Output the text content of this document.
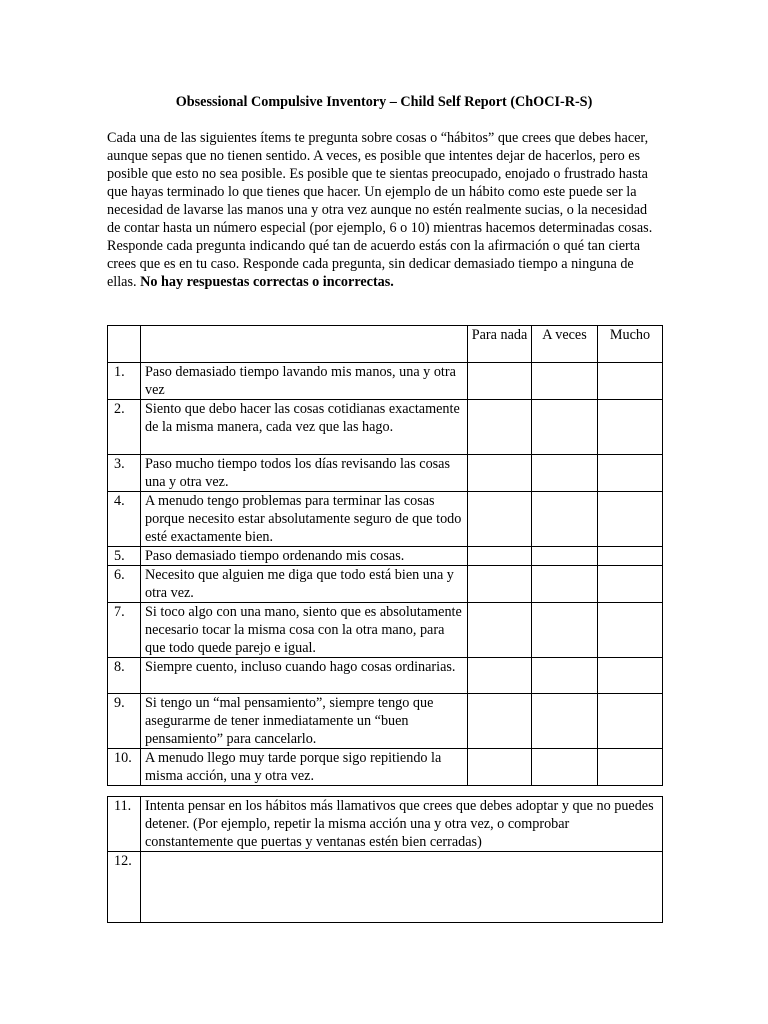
Obsessional Compulsive Inventory – Child Self Report (ChOCI-R-S)

Cada una de las siguientes ítems te pregunta sobre cosas o “hábitos” que crees que debes hacer, aunque sepas que no tienen sentido. A veces, es posible que intentes dejar de hacerlos, pero es posible que esto no sea posible. Es posible que te sientas preocupado, enojado o frustrado hasta que hayas terminado lo que tienes que hacer. Un ejemplo de un hábito como este puede ser la necesidad de lavarse las manos una y otra vez aunque no estén realmente sucias, o la necesidad de contar hasta un número especial (por ejemplo, 6 o 10) mientras hacemos determinadas cosas.

Responde cada pregunta indicando qué tan de acuerdo estás con la afirmación o qué tan cierta crees que es en tu caso. Responde cada pregunta, sin dedicar demasiado tiempo a ninguna de ellas. No hay respuestas correctas o incorrectas.

		Para nada	A veces	Mucho
1.	Paso demasiado tiempo lavando mis manos, una y otra vez			
2.	Siento que debo hacer las cosas cotidianas exactamente de la misma manera, cada vez que las hago.			
3.	Paso mucho tiempo todos los días revisando las cosas una y otra vez.			
4.	A menudo tengo problemas para terminar las cosas porque necesito estar absolutamente seguro de que todo esté exactamente bien.			
5.	Paso demasiado tiempo ordenando mis cosas.			
6.	Necesito que alguien me diga que todo está bien una y otra vez.			
7.	Si toco algo con una mano, siento que es absolutamente necesario tocar la misma cosa con la otra mano, para que todo quede parejo e igual.			
8.	Siempre cuento, incluso cuando hago cosas ordinarias.			
9.	Si tengo un “mal pensamiento”, siempre tengo que asegurarme de tener inmediatamente un “buen pensamiento” para cancelarlo.			
10.	A menudo llego muy tarde porque sigo repitiendo la misma acción, una y otra vez.			
11.	Intenta pensar en los hábitos más llamativos que crees que debes adoptar y que no puedes detener. (Por ejemplo, repetir la misma acción una y otra vez, o comprobar constantemente que puertas y ventanas estén bien cerradas)
12.	
